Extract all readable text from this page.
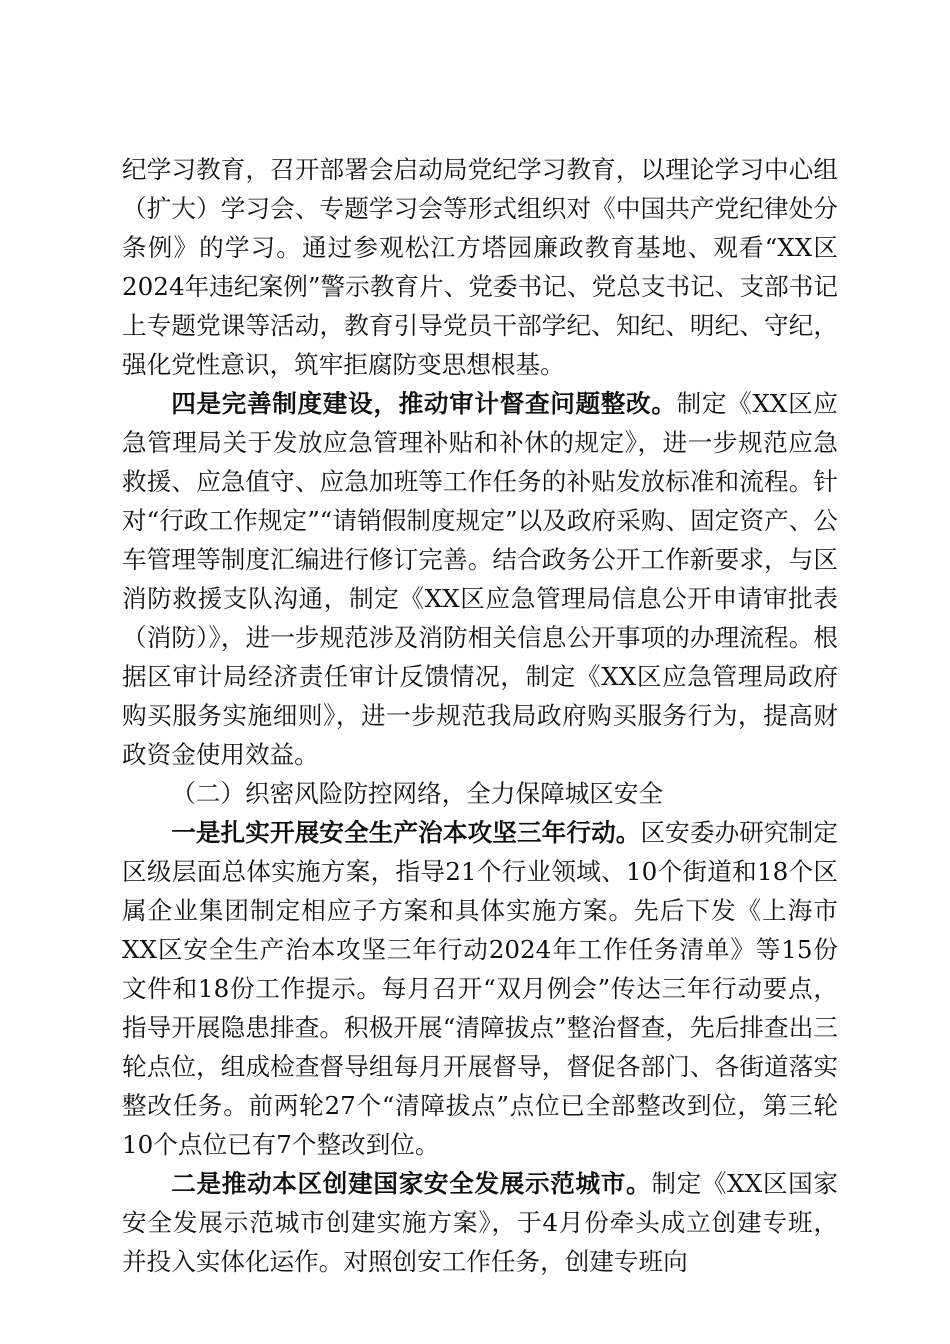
纪学习教育，召开部署会启动局党纪学习教育，以理论学习中心组（扩大）学习会、专题学习会等形式组织对《中国共产党纪律处分条例》的学习。通过参观松江方塔园廉政教育基地、观看“XX区2024年违纪案例”警示教育片、党委书记、党总支书记、支部书记上专题党课等活动，教育引导党员干部学纪、知纪、明纪、守纪，强化党性意识，筑牢拒腐防变思想根基。

四是完善制度建设，推动审计督查问题整改。制定《XX区应急管理局关于发放应急管理补贴和补休的规定》，进一步规范应急救援、应急值守、应急加班等工作任务的补贴发放标准和流程。针对“行政工作规定”“请销假制度规定”以及政府采购、固定资产、公车管理等制度汇编进行修订完善。结合政务公开工作新要求，与区消防救援支队沟通，制定《XX区应急管理局信息公开申请审批表（消防）》，进一步规范涉及消防相关信息公开事项的办理流程。根据区审计局经济责任审计反馈情况，制定《XX区应急管理局政府购买服务实施细则》，进一步规范我局政府购买服务行为，提高财政资金使用效益。

（二）织密风险防控网络，全力保障城区安全

一是扎实开展安全生产治本攻坚三年行动。区安委办研究制定区级层面总体实施方案，指导21个行业领域、10个街道和18个区属企业集团制定相应子方案和具体实施方案。先后下发《上海市XX区安全生产治本攻坚三年行动2024年工作任务清单》等15份文件和18份工作提示。每月召开“双月例会”传达三年行动要点，指导开展隐患排查。积极开展“清障拔点”整治督查，先后排查出三轮点位，组成检查督导组每月开展督导，督促各部门、各街道落实整改任务。前两轮27个“清障拔点”点位已全部整改到位，第三轮10个点位已有7个整改到位。

二是推动本区创建国家安全发展示范城市。制定《XX区国家安全发展示范城市创建实施方案》，于4月份牵头成立创建专班，并投入实体化运作。对照创安工作任务，创建专班向
